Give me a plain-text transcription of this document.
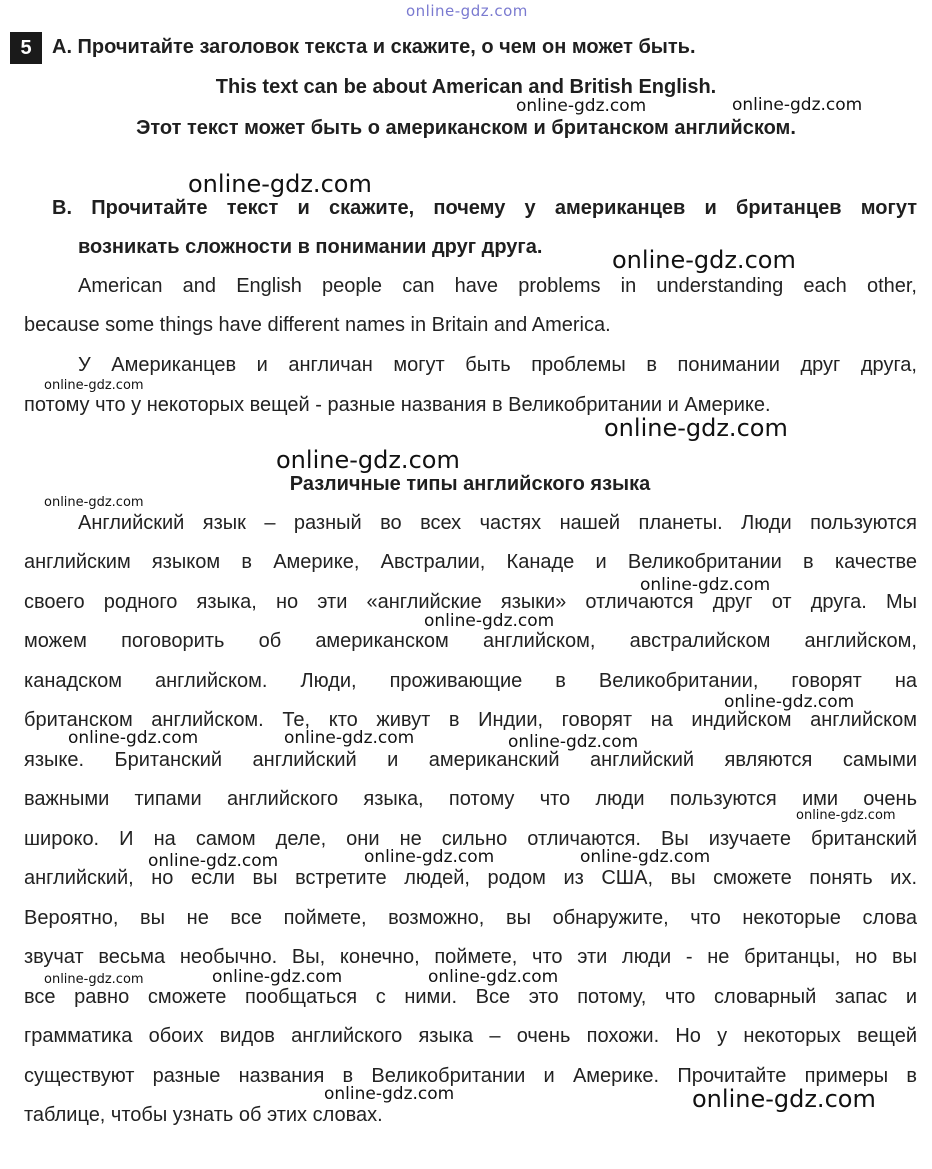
online-gdz.com
5	A. Прочитайте заголовок текста и скажите, о чем он может быть.
This text can be about American and British English.
Этот текст может быть о американском и британском английском.
B. Прочитайте текст и скажите, почему у американцев и британцев могут
возникать сложности в понимании друг друга.
American and English people can have problems in understanding each other,
because some things have different names in Britain and America.
У Американцев и англичан могут быть проблемы в понимании друг друга,
потому что у некоторых вещей - разные названия в Великобритании и Америке.
Различные типы английского языка
Английский язык – разный во всех частях нашей планеты. Люди пользуются
английским языком в Америке, Австралии, Канаде и Великобритании в качестве
своего родного языка, но эти «английские языки» отличаются друг от друга. Мы
можем поговорить об американском английском, австралийском английском,
канадском английском. Люди, проживающие в Великобритании, говорят на
британском английском. Те, кто живут в Индии, говорят на индийском английском
языке. Британский английский и американский английский являются самыми
важными типами английского языка, потому что люди пользуются ими очень
широко. И на самом деле, они не сильно отличаются. Вы изучаете британский
английский, но если вы встретите людей, родом из США, вы сможете понять их.
Вероятно, вы не все поймете, возможно, вы обнаружите, что некоторые слова
звучат весьма необычно. Вы, конечно, поймете, что эти люди - не британцы, но вы
все равно сможете пообщаться с ними. Все это потому, что словарный запас и
грамматика обоих видов английского языка – очень похожи. Но у некоторых вещей
существуют разные названия в Великобритании и Америке. Прочитайте примеры в
таблице, чтобы узнать об этих словах.
online-gdz.com	online-gdz.com
online-gdz.com
online-gdz.com
online-gdz.com
online-gdz.com
online-gdz.com
online-gdz.com
online-gdz.com
online-gdz.com
online-gdz.com
online-gdz.com	online-gdz.com	online-gdz.com
online-gdz.com
online-gdz.com	online-gdz.com	online-gdz.com
online-gdz.com	online-gdz.com	online-gdz.com
online-gdz.com	online-gdz.com
